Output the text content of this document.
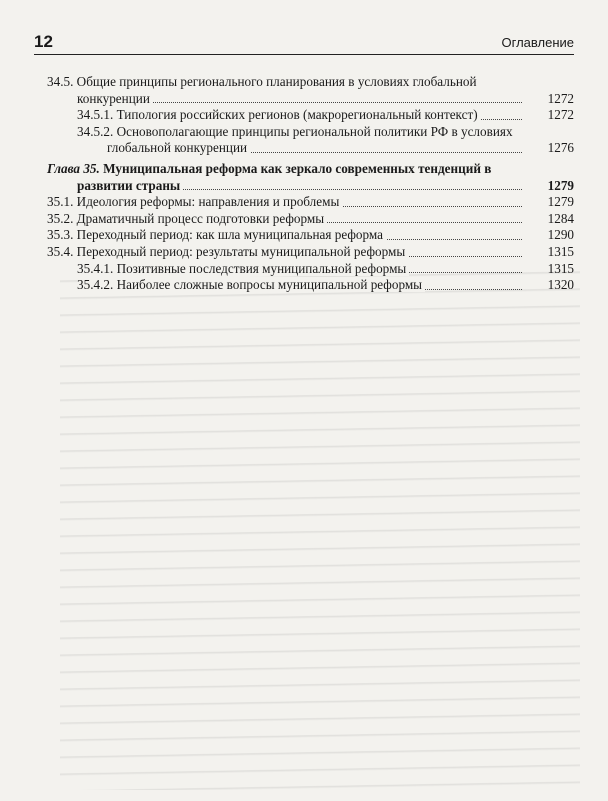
12	Оглавление
34.5. Общие принципы регионального планирования в условиях глобальной конкуренции	1272
34.5.1. Типология российских регионов (макрорегиональный контекст)	1272
34.5.2. Основополагающие принципы региональной политики РФ в условиях глобальной конкуренции	1276
Глава 35. Муниципальная реформа как зеркало современных тенденций в развитии страны	1279
35.1. Идеология реформы: направления и проблемы	1279
35.2. Драматичный процесс подготовки реформы	1284
35.3. Переходный период: как шла муниципальная реформа	1290
35.4. Переходный период: результаты муниципальной реформы	1315
35.4.1. Позитивные последствия муниципальной реформы	1315
35.4.2. Наиболее сложные вопросы муниципальной реформы	1320
